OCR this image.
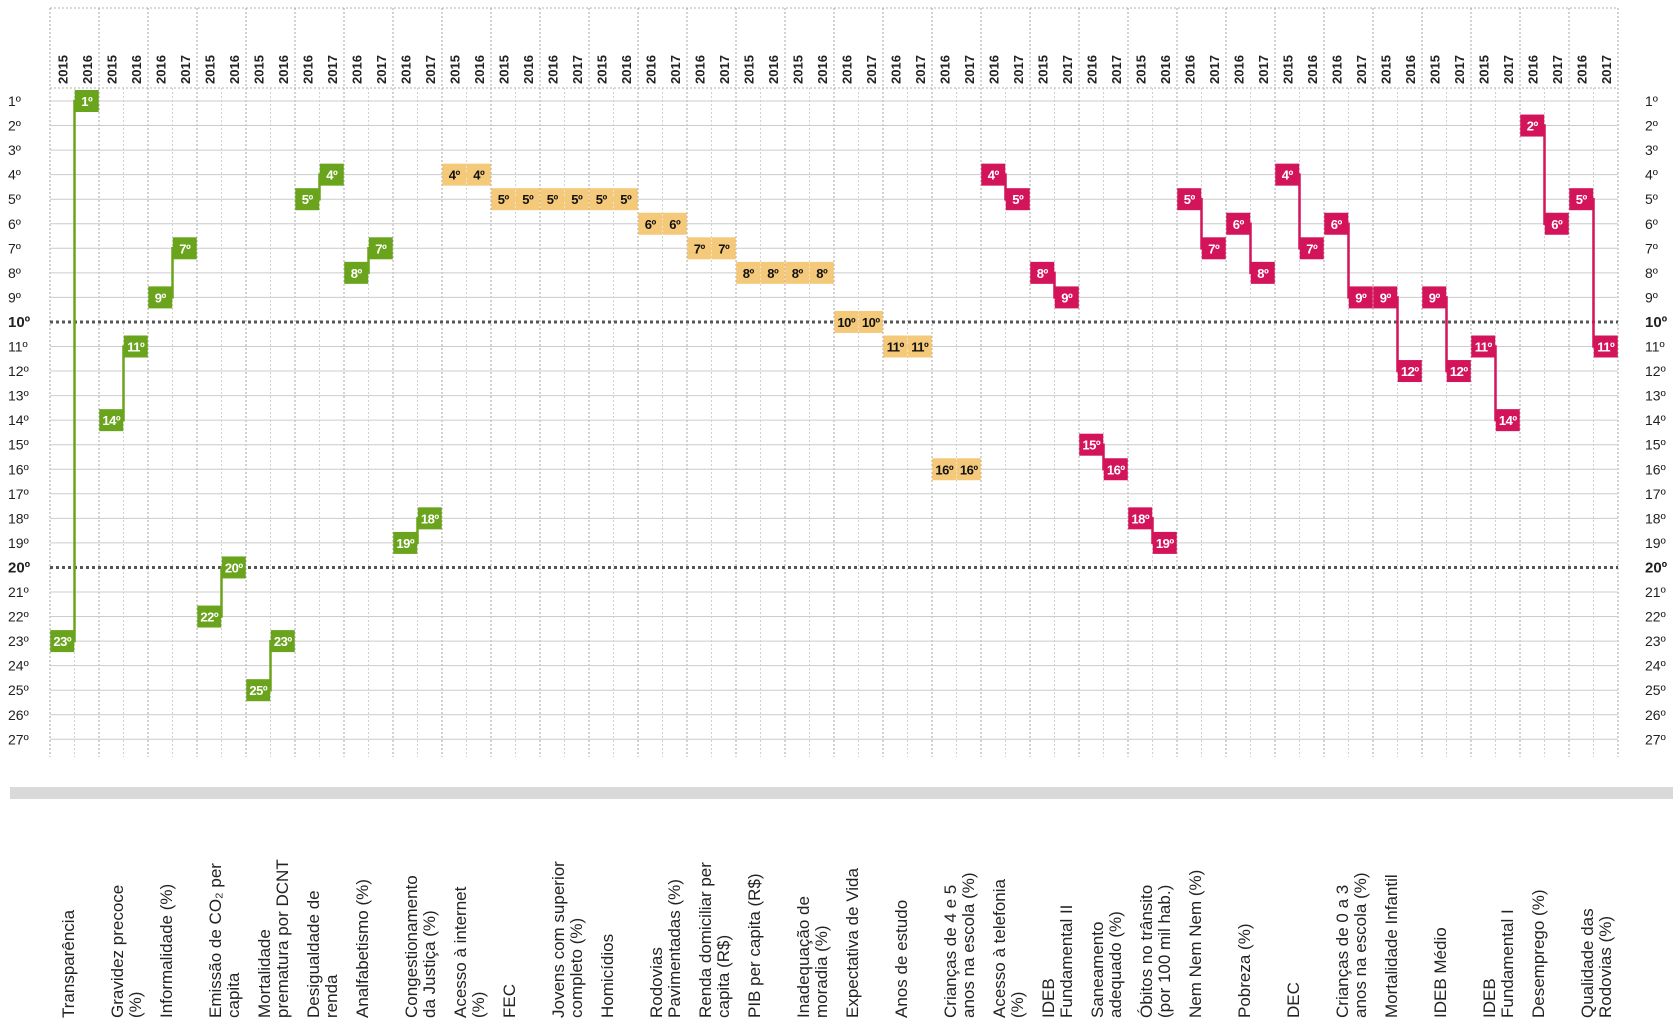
2015 2016 2015 2016 2016 2017 2015 2016 2015 2016 2016 2017 2016 2017 2016 2017 2015 2016 2015 2016 2016 2017 2015 2016 2016 2017 2016 2017 2015 2016 2015 2016 2016 2017 2016 2017 2016 2017 2016 2017 2015 2017 2016 2017 2015 2016 2016 2017 2016 2017 2015 2016 2016 2017 2015 2016 2015 2017 2015 2017 2016 2017 2016 2017
1º	1º
2º	2º
3º	3º
4º	4º
5º	5º
6º	6º
7º	7º
8º	8º
9º	9º
10º	10º
11º	11º
12º	12º
13º	13º
14º	14º
15º	15º
16º	16º
17º	17º
18º	18º
19º	19º
20º	20º
21º	21º
22º	22º
23º	23º
24º	24º
25º	25º
26º	26º
27º	27º
23º
1º
14º
11º
9º
7º
22º
20º
25º
23º
5º
4º
8º
7º
19º
18º
4º 4º
5º 5º 5º 5º 5º 5º
6º 6º
7º 7º
8º 8º 8º 8º
10º 10º
11º 11º
16º 16º
4º
5º
8º
9º
15º
16º
18º
19º
5º
7º
6º
8º
4º
7º
6º
9º 9º
12º
9º
12º
11º
14º
2º
6º
5º
11º
Transparência Gravidez precoce (%) Informalidade (%) Emissão de CO₂ per capita Mortalidade prematura por DCNT Desigualdade de renda Analfabetismo (%) Congestionamento da Justiça (%) Acesso à internet (%) FEC Jovens com superior completo (%) Homicídios Rodovias Pavimentadas (%) Renda domiciliar per capita (R$) PIB per capita (R$) Inadequação de moradia (%) Expectativa de Vida Anos de estudo Crianças de 4 e 5 anos na escola (%) Acesso à telefonia (%) IDEB Fundamental II Saneamento adequado (%) Óbitos no trânsito (por 100 mil hab.) Nem Nem Nem (%) Pobreza (%) DEC Crianças de 0 a 3 anos na escola (%) Mortalidade Infantil IDEB Médio IDEB Fundamental I Desemprego (%) Qualidade das Rodovias (%)
